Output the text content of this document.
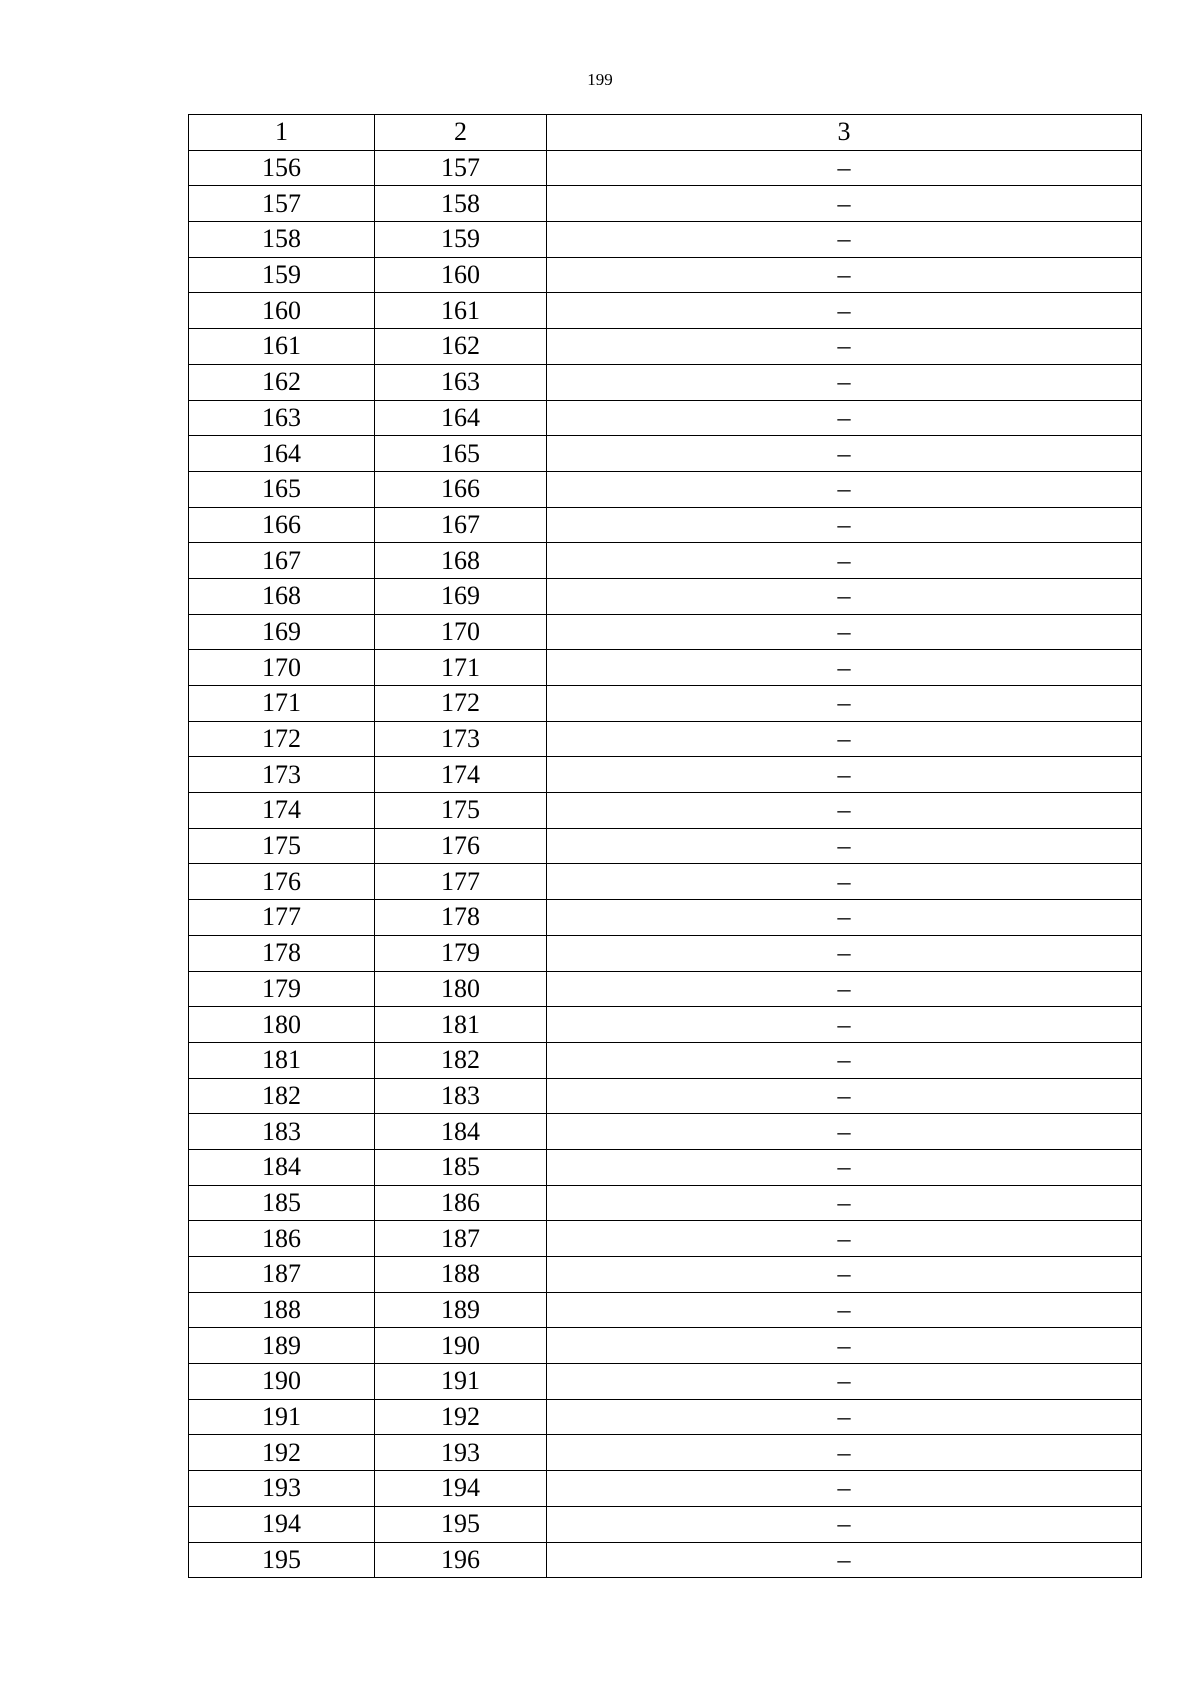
199
1	2	3
156	157	–
157	158	–
158	159	–
159	160	–
160	161	–
161	162	–
162	163	–
163	164	–
164	165	–
165	166	–
166	167	–
167	168	–
168	169	–
169	170	–
170	171	–
171	172	–
172	173	–
173	174	–
174	175	–
175	176	–
176	177	–
177	178	–
178	179	–
179	180	–
180	181	–
181	182	–
182	183	–
183	184	–
184	185	–
185	186	–
186	187	–
187	188	–
188	189	–
189	190	–
190	191	–
191	192	–
192	193	–
193	194	–
194	195	–
195	196	–
